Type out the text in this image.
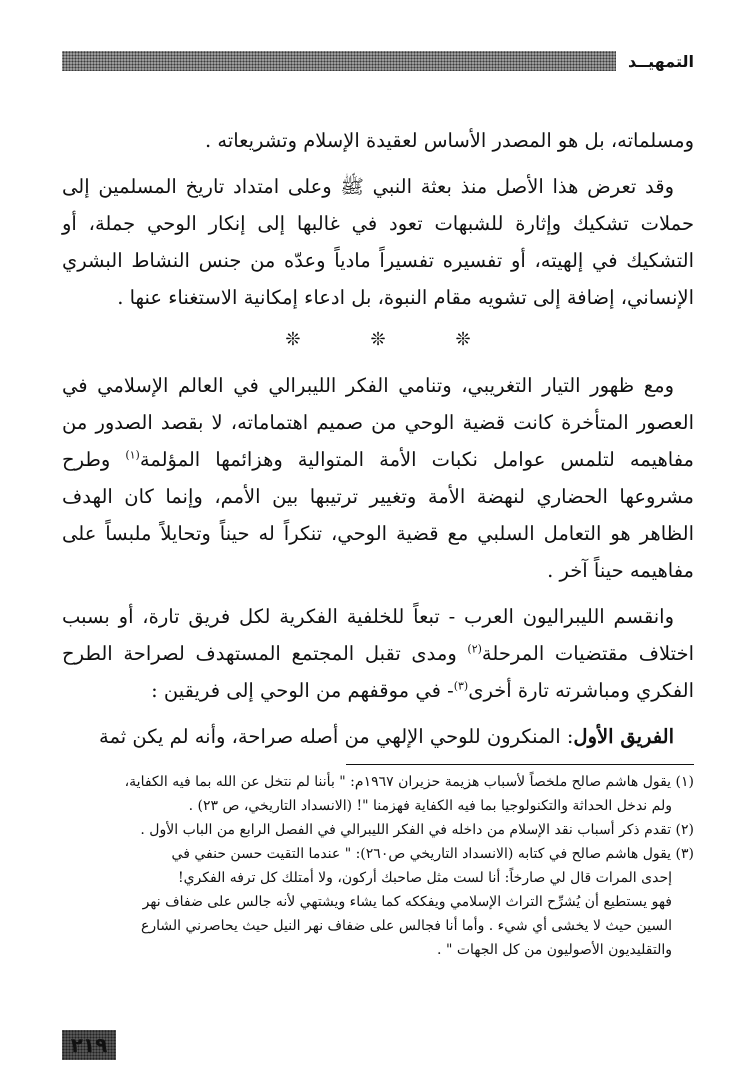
التمهيــد

ومسلماته، بل هو المصدر الأساس لعقيدة الإسلام وتشريعاته .

وقد تعرض هذا الأصل منذ بعثة النبي ﷺ وعلى امتداد تاريخ المسلمين إلى حملات تشكيك وإثارة للشبهات تعود في غالبها إلى إنكار الوحي جملة، أو التشكيك في إلهيته، أو تفسيره تفسيراً مادياً وعدّه من جنس النشاط البشري الإنساني، إضافة إلى تشويه مقام النبوة، بل ادعاء إمكانية الاستغناء عنها .

❊
❊
❊

ومع ظهور التيار التغريبي، وتنامي الفكر الليبرالي في العالم الإسلامي في العصور المتأخرة كانت قضية الوحي من صميم اهتماماته، لا بقصد الصدور من مفاهيمه لتلمس عوامل نكبات الأمة المتوالية وهزائمها المؤلمة$^{(١)}$ وطرح مشروعها الحضاري لنهضة الأمة وتغيير ترتيبها بين الأمم، وإنما كان الهدف الظاهر هو التعامل السلبي مع قضية الوحي، تنكراً له حيناً وتحايلاً ملبساً على مفاهيمه حيناً آخر .

وانقسم الليبراليون العرب - تبعاً للخلفية الفكرية لكل فريق تارة، أو بسبب اختلاف مقتضيات المرحلة$^{(٢)}$ ومدى تقبل المجتمع المستهدف لصراحة الطرح الفكري ومباشرته تارة أخرى$^{(٣)}$- في موقفهم من الوحي إلى فريقين :

الفريق الأول: المنكرون للوحي الإلهي من أصله صراحة، وأنه لم يكن ثمة

(١) يقول هاشم صالح ملخصاً لأسباب هزيمة حزيران ١٩٦٧م: " بأننا لم نتخل عن الله بما فيه الكفاية،

ولم ندخل الحداثة والتكنولوجيا بما فيه الكفاية فهزمنا "! (الانسداد التاريخي، ص ٢٣) .

(٢) تقدم ذكر أسباب نقد الإسلام من داخله في الفكر الليبرالي في الفصل الرابع من الباب الأول .

(٣) يقول هاشم صالح في كتابه (الانسداد التاريخي ص٢٦٠): " عندما التقيت حسن حنفي في

إحدى المرات قال لي صارخاً: أنا لست مثل صاحبك أركون، ولا أمتلك كل ترفه الفكري!

فهو يستطيع أن يُشرِّح التراث الإسلامي ويفككه كما يشاء ويشتهي لأنه جالس على ضفاف نهر

السين حيث لا يخشى أي شيء . وأما أنا فجالس على ضفاف نهر النيل حيث يحاصرني الشارع

والتقليديون الأصوليون من كل الجهات " .

٢١٩
